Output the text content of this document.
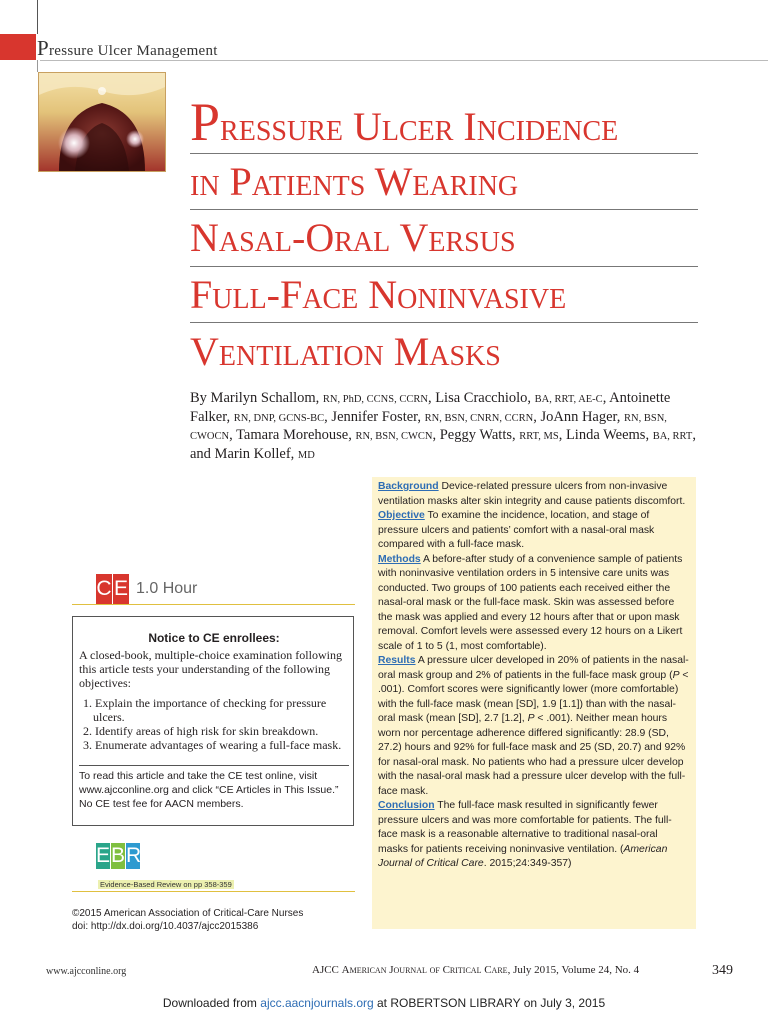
Pressure Ulcer Management
Pressure Ulcer Incidence
in Patients Wearing
Nasal-Oral Versus
Full-Face Noninvasive
Ventilation Masks
By Marilyn Schallom, RN, PhD, CCNS, CCRN, Lisa Cracchiolo, BA, RRT, AE-C, Antoinette Falker, RN, DNP, GCNS-BC, Jennifer Foster, RN, BSN, CNRN, CCRN, JoAnn Hager, RN, BSN, CWOCN, Tamara Morehouse, RN, BSN, CWCN, Peggy Watts, RRT, MS, Linda Weems, BA, RRT, and Marin Kollef, MD

Background Device-related pressure ulcers from non-invasive ventilation masks alter skin integrity and cause patients discomfort.

Objective To examine the incidence, location, and stage of pressure ulcers and patients’ comfort with a nasal-oral mask compared with a full-face mask.

Methods A before-after study of a convenience sample of patients with noninvasive ventilation orders in 5 intensive care units was conducted. Two groups of 100 patients each received either the nasal-oral mask or the full-face mask. Skin was assessed before the mask was applied and every 12 hours after that or upon mask removal. Comfort levels were assessed every 12 hours on a Likert scale of 1 to 5 (1, most comfortable).

Results A pressure ulcer developed in 20% of patients in the nasal-oral mask group and 2% of patients in the full-face mask group (P < .001). Comfort scores were significantly lower (more comfortable) with the full-face mask (mean [SD], 1.9 [1.1]) than with the nasal-oral mask (mean [SD], 2.7 [1.2], P < .001). Neither mean hours worn nor percentage adherence differed significantly: 28.9 (SD, 27.2) hours and 92% for full-face mask and 25 (SD, 20.7) and 92% for nasal-oral mask. No patients who had a pressure ulcer develop with the nasal-oral mask had a pressure ulcer develop with the full-face mask.

Conclusion The full-face mask resulted in significantly fewer pressure ulcers and was more comfortable for patients. The full-face mask is a reasonable alternative to traditional nasal-oral masks for patients receiving noninvasive ventilation. (American Journal of Critical Care. 2015;24:349-357)

C E 1.0 Hour
Notice to CE enrollees:
A closed-book, multiple-choice examination following this article tests your understanding of the following objectives:
1. Explain the importance of checking for pressure ulcers.
2. Identify areas of high risk for skin breakdown.
3. Enumerate advantages of wearing a full-face mask.
To read this article and take the CE test online, visit www.ajcconline.org and click “CE Articles in This Issue.” No CE test fee for AACN members.
EBR
Evidence-Based Review on pp 358-359
©2015 American Association of Critical-Care Nurses
doi: http://dx.doi.org/10.4037/ajcc2015386
www.ajcconline.org	AJCC American Journal of Critical Care, July 2015, Volume 24, No. 4	349
Downloaded from ajcc.aacnjournals.org at ROBERTSON LIBRARY on July 3, 2015
